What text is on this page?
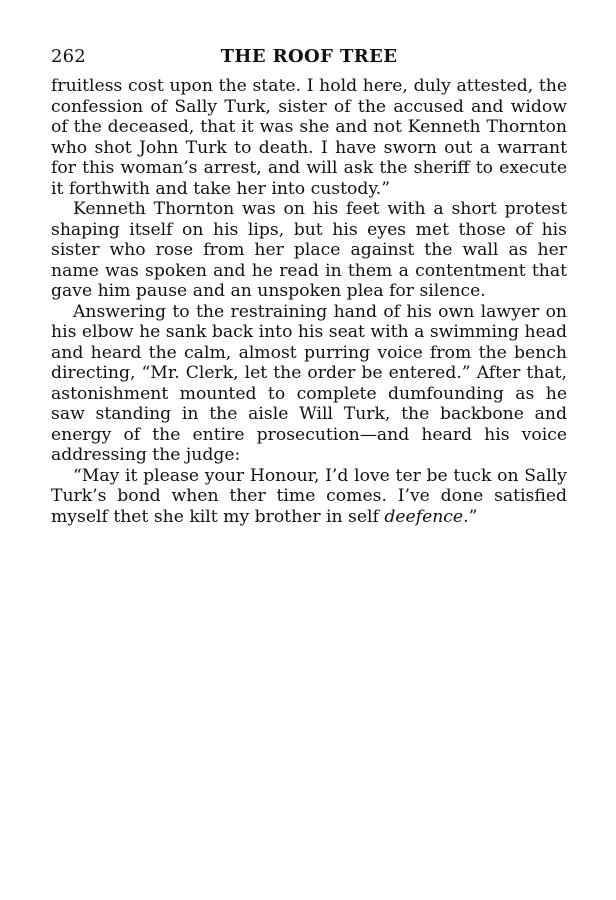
262	THE ROOF TREE

fruitless cost upon the state. I hold here, duly attested, the confession of Sally Turk, sister of the accused and widow of the deceased, that it was she and not Kenneth Thornton who shot John Turk to death. I have sworn out a warrant for this woman’s arrest, and will ask the sheriff to execute it forthwith and take her into custody.”

Kenneth Thornton was on his feet with a short protest shaping itself on his lips, but his eyes met those of his sister who rose from her place against the wall as her name was spoken and he read in them a contentment that gave him pause and an unspoken plea for silence.

Answering to the restraining hand of his own lawyer on his elbow he sank back into his seat with a swimming head and heard the calm, almost purring voice from the bench directing, “Mr. Clerk, let the order be entered.” After that, astonishment mounted to complete dumfounding as he saw standing in the aisle Will Turk, the backbone and energy of the entire prosecution—and heard his voice addressing the judge:

“May it please your Honour, I’d love ter be tuck on Sally Turk’s bond when ther time comes. I’ve done satisfied myself thet she kilt my brother in self deefence.”
